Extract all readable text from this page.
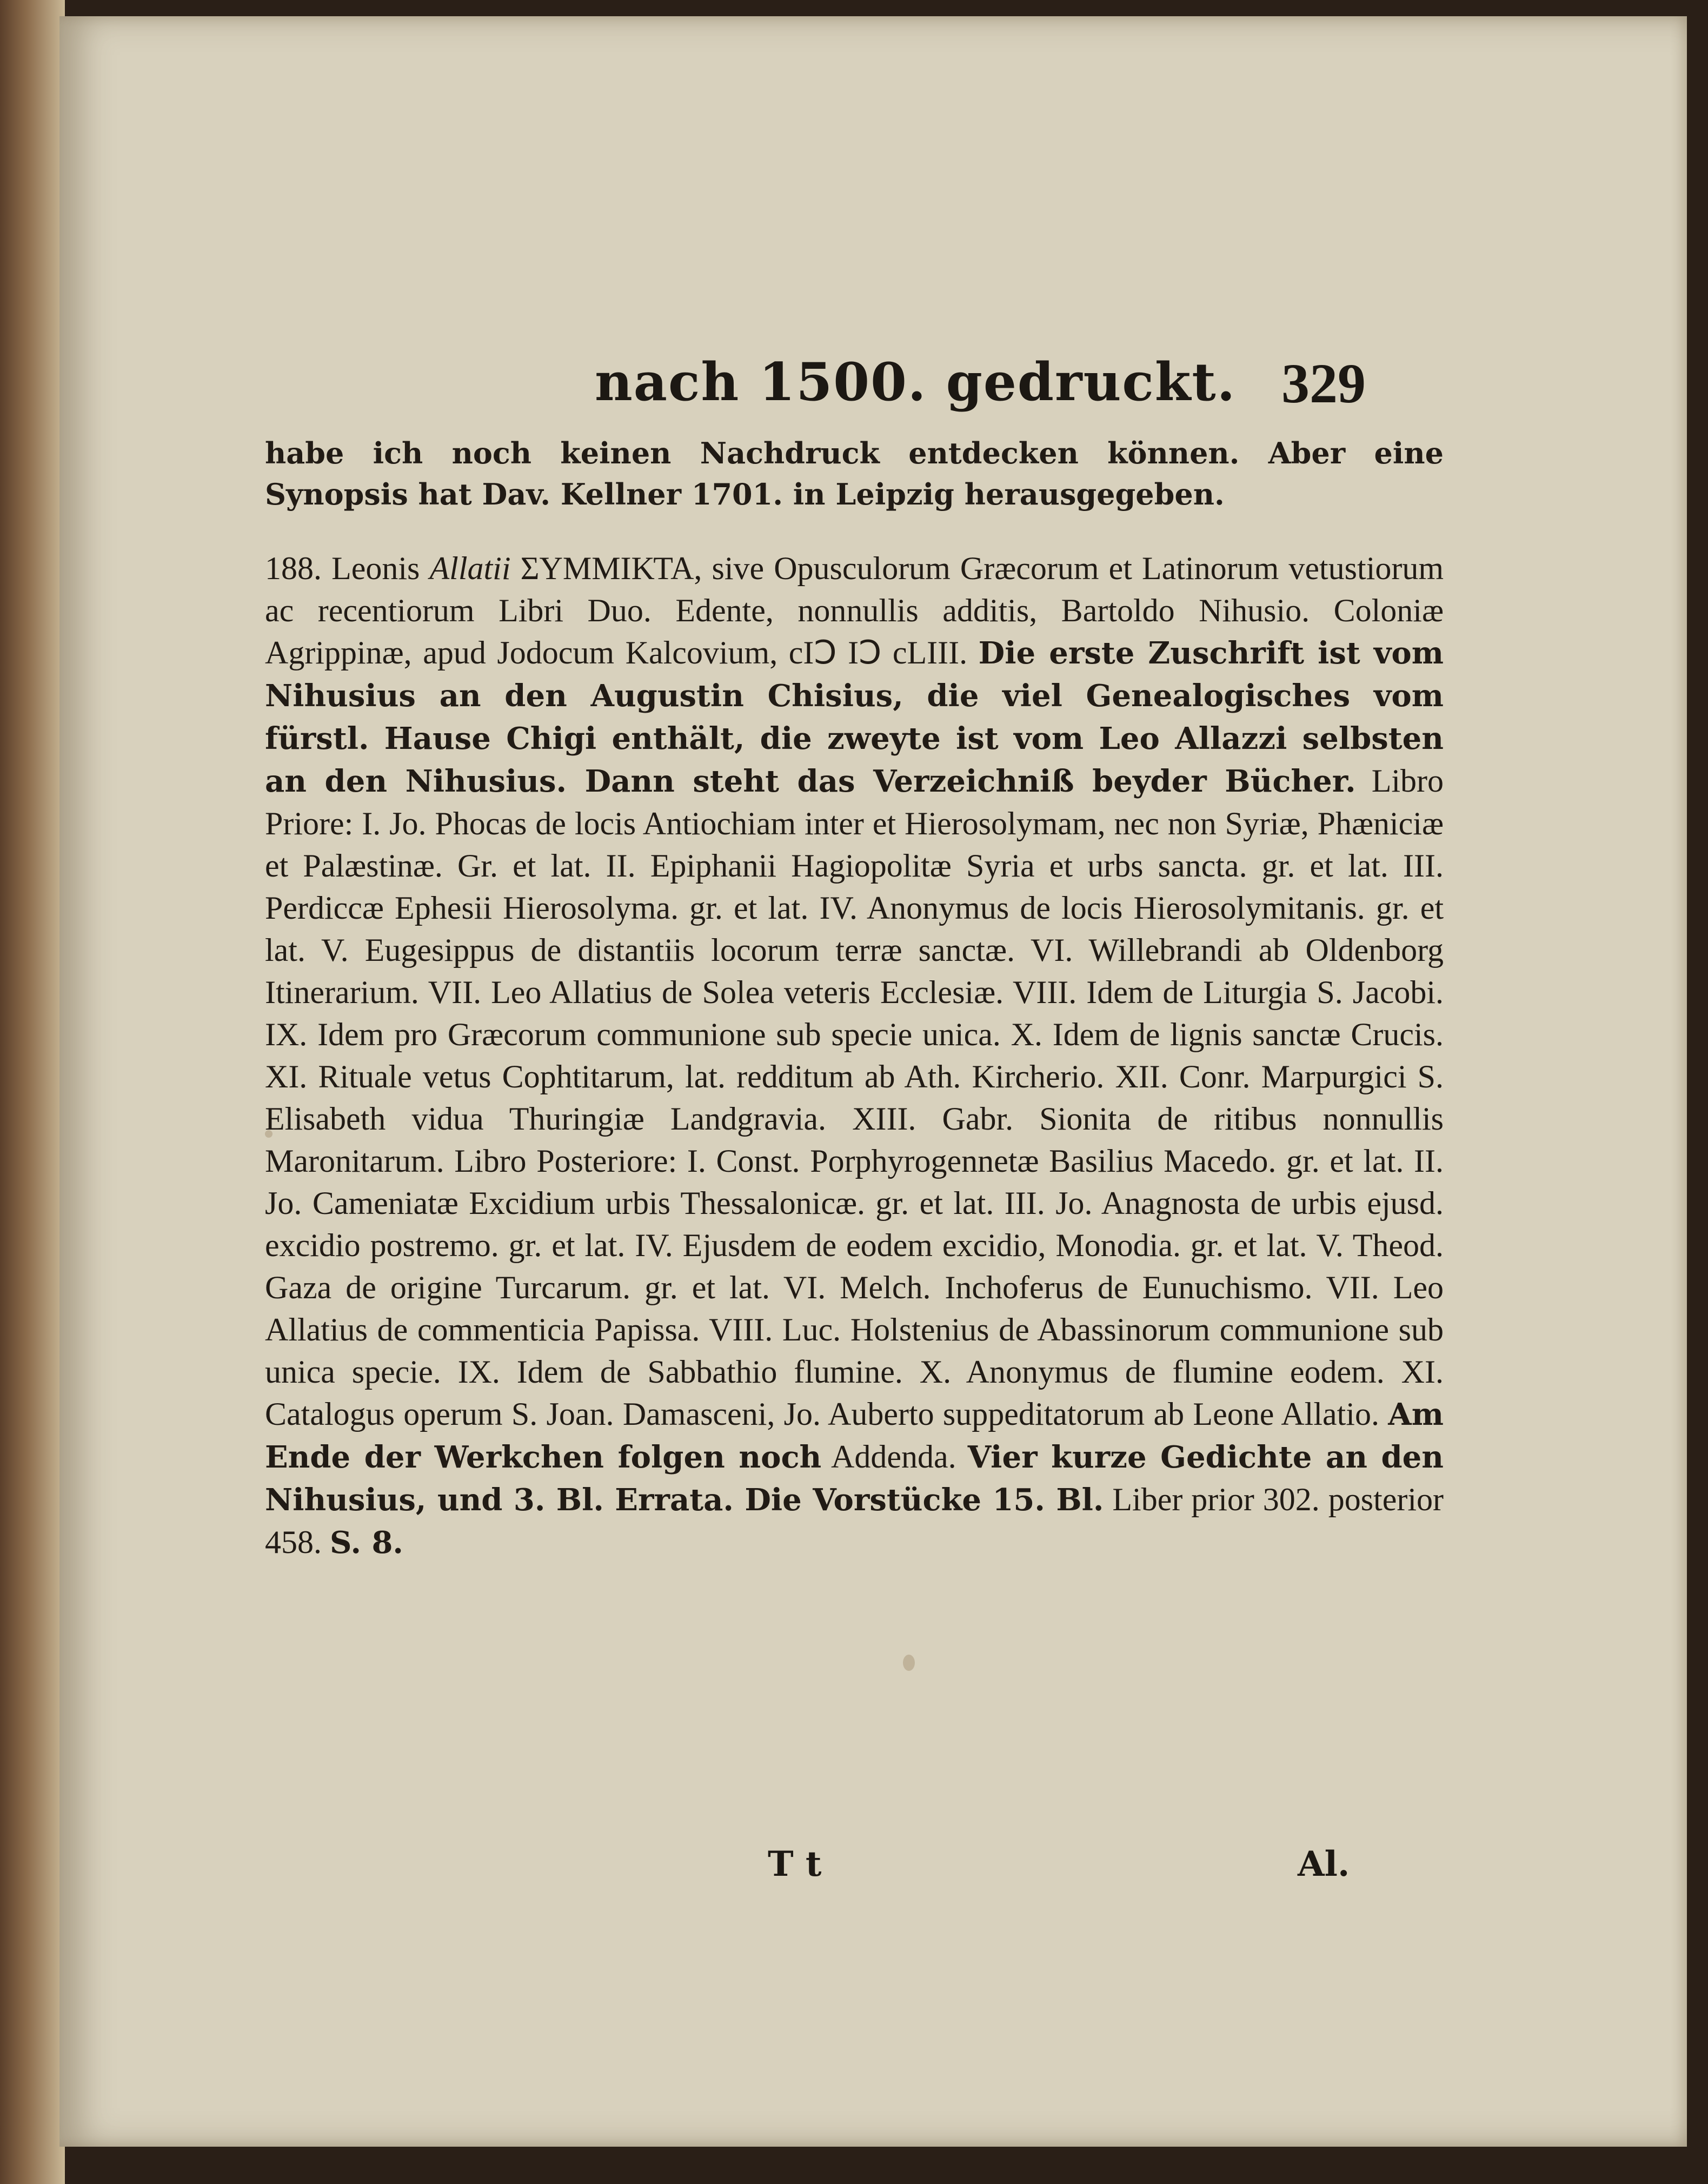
nach 1500. gedruckt. 329

habe ich noch keinen Nachdruck entdecken können. Aber eine Synopsis hat Dav. Kellner 1701. in Leipzig herausgegeben.

188. Leonis Allatii ΣΥΜΜΙΚΤΑ, sive Opusculorum Græcorum et Latinorum vetustiorum ac recentiorum Libri Duo. Edente, nonnullis additis, Bartoldo Nihusio. Coloniæ Agrippinæ, apud Jodocum Kalcovium, cIↃ IↃ cLIII. Die erste Zuschrift ist vom Nihusius an den Augustin Chisius, die viel Genealogisches vom fürstl. Hause Chigi enthält, die zweyte ist vom Leo Allazzi selbsten an den Nihusius. Dann steht das Verzeichniß beyder Bücher. Libro Priore: I. Jo. Phocas de locis Antiochiam inter et Hierosolymam, nec non Syriæ, Phæniciæ et Palæstinæ. Gr. et lat. II. Epiphanii Hagiopolitæ Syria et urbs sancta. gr. et lat. III. Perdiccæ Ephesii Hierosolyma. gr. et lat. IV. Anonymus de locis Hierosolymitanis. gr. et lat. V. Eugesippus de distantiis locorum terræ sanctæ. VI. Willebrandi ab Oldenborg Itinerarium. VII. Leo Allatius de Solea veteris Ecclesiæ. VIII. Idem de Liturgia S. Jacobi. IX. Idem pro Græcorum communione sub specie unica. X. Idem de lignis sanctæ Crucis. XI. Rituale vetus Cophtitarum, lat. redditum ab Ath. Kircherio. XII. Conr. Marpurgici S. Elisabeth vidua Thuringiæ Landgravia. XIII. Gabr. Sionita de ritibus nonnullis Maronitarum. Libro Posteriore: I. Const. Porphyrogennetæ Basilius Macedo. gr. et lat. II. Jo. Cameniatæ Excidium urbis Thessalonicæ. gr. et lat. III. Jo. Anagnosta de urbis ejusd. excidio postremo. gr. et lat. IV. Ejusdem de eodem excidio, Monodia. gr. et lat. V. Theod. Gaza de origine Turcarum. gr. et lat. VI. Melch. Inchoferus de Eunuchismo. VII. Leo Allatius de commenticia Papissa. VIII. Luc. Holstenius de Abassinorum communione sub unica specie. IX. Idem de Sabbathio flumine. X. Anonymus de flumine eodem. XI. Catalogus operum S. Joan. Damasceni, Jo. Auberto suppeditatorum ab Leone Allatio. Am Ende der Werkchen folgen noch Addenda. Vier kurze Gedichte an den Nihusius, und 3. Bl. Errata. Die Vorstücke 15. Bl. Liber prior 302. posterior 458. S. 8.

T t	Al.
